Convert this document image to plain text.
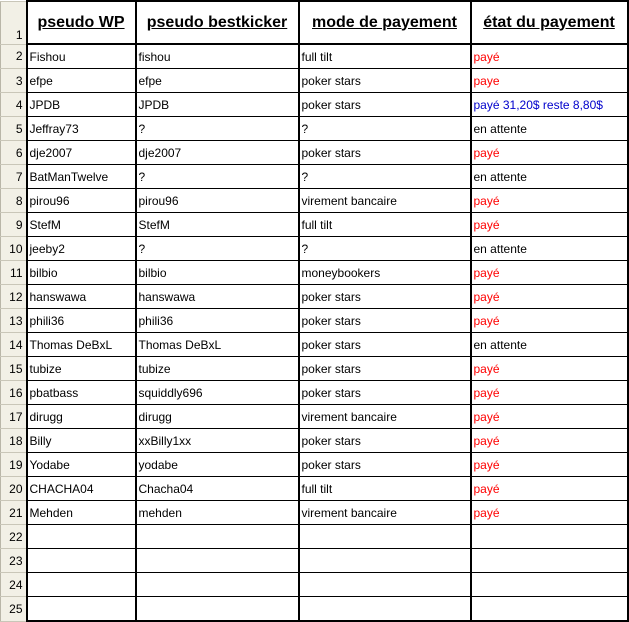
1	pseudo WP	pseudo bestkicker	mode de payement	état du payement

2	Fishou	fishou	full tilt	payé
3	efpe	efpe	poker stars	paye
4	JPDB	JPDB	poker stars	payé 31,20$ reste 8,80$
5	Jeffray73	?	?	en attente
6	dje2007	dje2007	poker stars	payé
7	BatManTwelve	?	?	en attente
8	pirou96	pirou96	virement bancaire	payé
9	StefM	StefM	full tilt	payé
10	jeeby2	?	?	en attente
11	bilbio	bilbio	moneybookers	payé
12	hanswawa	hanswawa	poker stars	payé
13	phili36	phili36	poker stars	payé
14	Thomas DeBxL	Thomas DeBxL	poker stars	en attente
15	tubize	tubize	poker stars	payé
16	pbatbass	squiddly696	poker stars	payé
17	dirugg	dirugg	virement bancaire	payé
18	Billy	xxBilly1xx	poker stars	payé
19	Yodabe	yodabe	poker stars	payé
20	CHACHA04	Chacha04	full tilt	payé
21	Mehden	mehden	virement bancaire	payé
22				
23				
24				
25				
